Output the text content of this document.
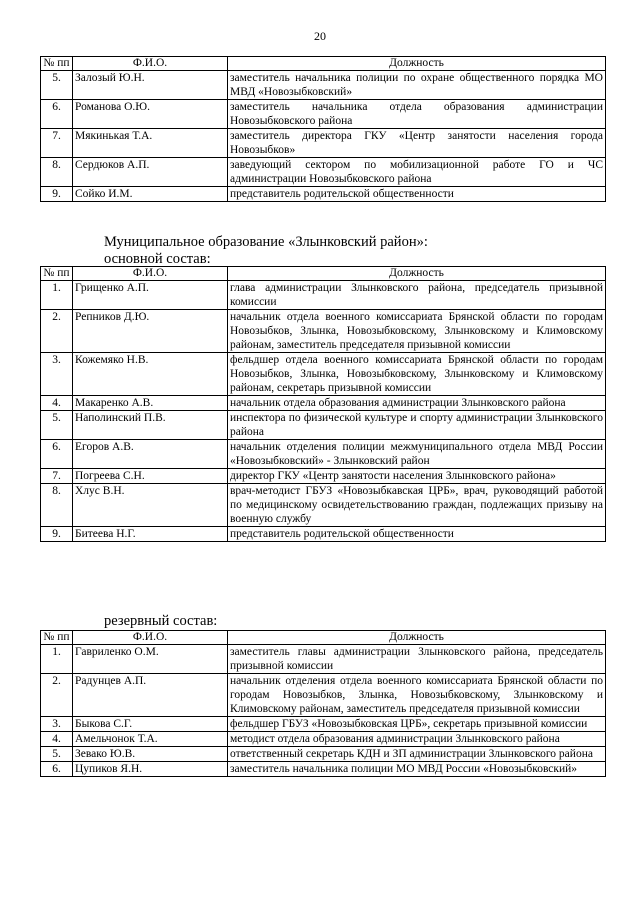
20
№ пп	Ф.И.О.	Должность
5.	Залозый Ю.Н.	заместитель начальника полиции по охране общественного порядка МО МВД «Новозыбковский»
6.	Романова О.Ю.	заместитель начальника отдела образования администрации Новозыбковского района
7.	Мякинькая Т.А.	заместитель директора ГКУ «Центр занятости населения города Новозыбков»
8.	Сердюков А.П.	заведующий сектором по мобилизационной работе ГО и ЧС администрации Новозыбковского района
9.	Сойко И.М.	представитель родительской общественности
Муниципальное образование «Злынковский район»:
основной состав:
№ пп	Ф.И.О.	Должность
1.	Грищенко А.П.	глава администрации Злынковского района, председатель призывной комиссии
2.	Репников Д.Ю.	начальник отдела военного комиссариата Брянской области по городам Новозыбков, Злынка, Новозыбковскому, Злынковскому и Климовскому районам, заместитель председателя призывной комиссии
3.	Кожемяко Н.В.	фельдшер отдела военного комиссариата Брянской области по городам Новозыбков, Злынка, Новозыбковскому, Злынковскому и Климовскому районам, секретарь призывной комиссии
4.	Макаренко А.В.	начальник отдела образования администрации Злынковского района
5.	Наполинский П.В.	инспектора по физической культуре и спорту администрации Злынковского района
6.	Егоров А.В.	начальник отделения полиции межмуниципального отдела МВД России «Новозыбковский» - Злынковский район
7.	Погреева С.Н.	директор ГКУ «Центр занятости населения Злынковского района»
8.	Хлус В.Н.	врач-методист ГБУЗ «Новозыбкавская ЦРБ», врач, руководящий работой по медицинскому освидетельствованию граждан, подлежащих призыву на военную службу
9.	Битеева Н.Г.	представитель родительской общественности
резервный состав:
№ пп	Ф.И.О.	Должность
1.	Гавриленко О.М.	заместитель главы администрации Злынковского района, председатель призывной комиссии
2.	Радунцев А.П.	начальник отделения отдела военного комиссариата Брянской области по городам Новозыбков, Злынка, Новозыбковскому, Злынковскому и Климовскому районам, заместитель председателя призывной комиссии
3.	Быкова С.Г.	фельдшер ГБУЗ «Новозыбковская ЦРБ», секретарь призывной комиссии
4.	Амельчонок Т.А.	методист отдела образования администрации Злынковского района
5.	Зевако Ю.В.	ответственный секретарь КДН и ЗП администрации Злынковского района
6.	Цупиков Я.Н.	заместитель начальника полиции МО МВД России «Новозыбковский»
